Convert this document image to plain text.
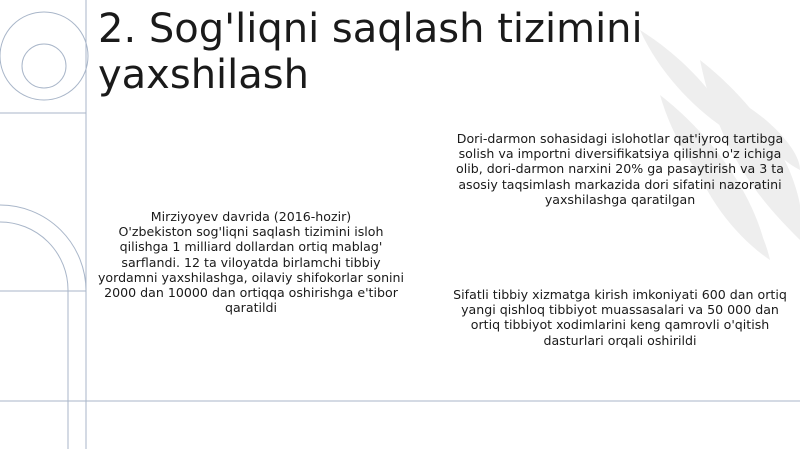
2. Sog'liqni saqlash tizimini yaxshilash
Mirziyoyev davrida (2016-hozir)
O'zbekiston sog'liqni saqlash tizimini isloh qilishga 1 milliard dollardan ortiq mablag' sarflandi. 12 ta viloyatda birlamchi tibbiy yordamni yaxshilashga, oilaviy shifokorlar sonini 2000 dan 10000 dan ortiqqa oshirishga e'tibor qaratildi

Dori-darmon sohasidagi islohotlar qat'iyroq tartibga solish va importni diversifikatsiya qilishni o'z ichiga olib, dori-darmon narxini 20% ga pasaytirish va 3 ta asosiy taqsimlash markazida dori sifatini nazoratini yaxshilashga qaratilgan

Sifatli tibbiy xizmatga kirish imkoniyati 600 dan ortiq yangi qishloq tibbiyot muassasalari va 50 000 dan ortiq tibbiyot xodimlarini keng qamrovli o'qitish dasturlari orqali oshirildi
